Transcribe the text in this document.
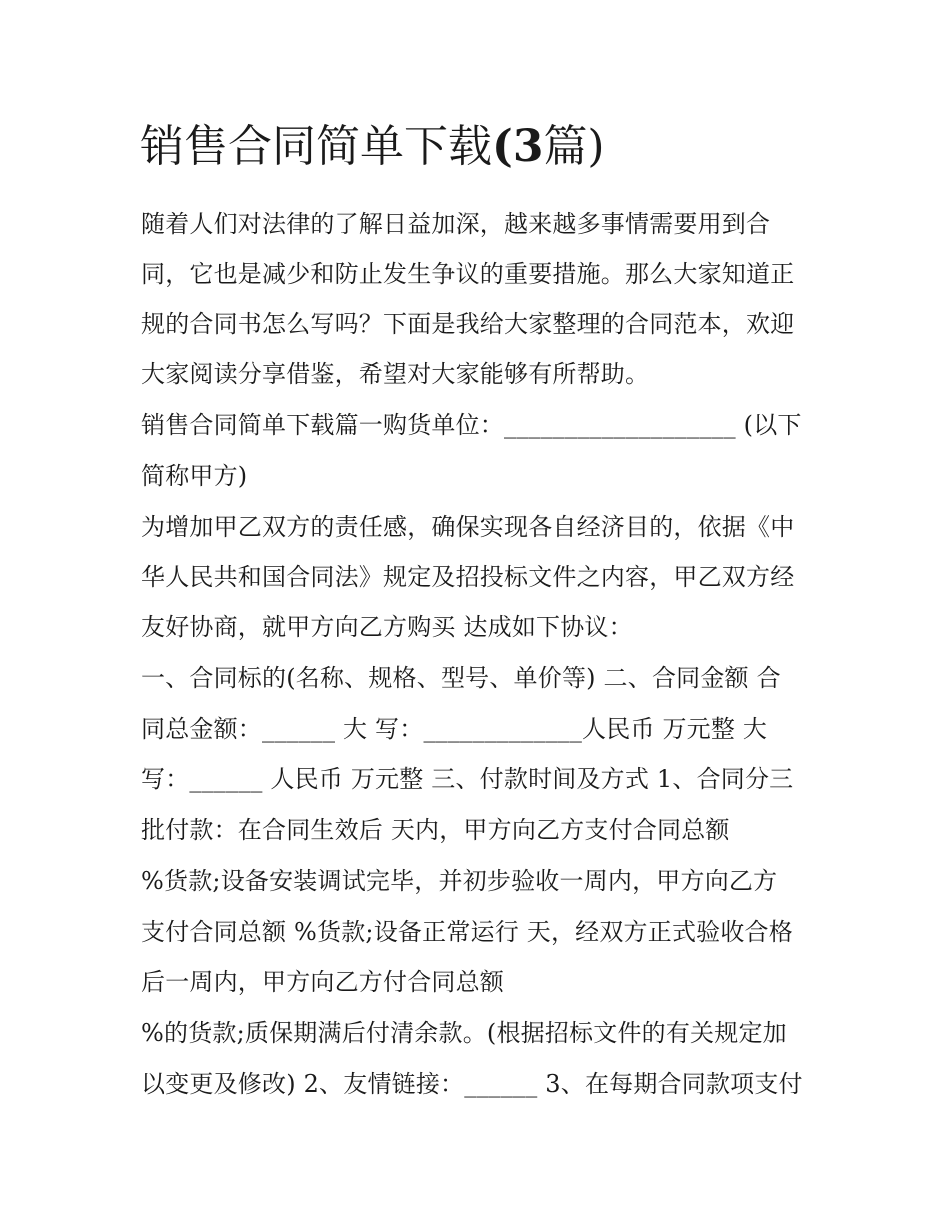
销售合同简单下载(3篇)
随着人们对法律的了解日益加深，越来越多事情需要用到合
同，它也是减少和防止发生争议的重要措施。那么大家知道正
规的合同书怎么写吗？下面是我给大家整理的合同范本，欢迎
大家阅读分享借鉴，希望对大家能够有所帮助。
销售合同简单下载篇一购货单位：___________________ (以下
简称甲方)
为增加甲乙双方的责任感，确保实现各自经济目的，依据《中
华人民共和国合同法》规定及招投标文件之内容，甲乙双方经
友好协商，就甲方向乙方购买 达成如下协议：
一、合同标的(名称、规格、型号、单价等) 二、合同金额 合
同总金额：______ 大 写：_____________人民币 万元整 大
写：______ 人民币 万元整 三、付款时间及方式 1、合同分三
批付款：在合同生效后 天内，甲方向乙方支付合同总额
%货款;设备安装调试完毕，并初步验收一周内，甲方向乙方
支付合同总额 %货款;设备正常运行 天，经双方正式验收合格
后一周内，甲方向乙方付合同总额
%的货款;质保期满后付清余款。(根据招标文件的有关规定加
以变更及修改) 2、友情链接：______ 3、在每期合同款项支付
